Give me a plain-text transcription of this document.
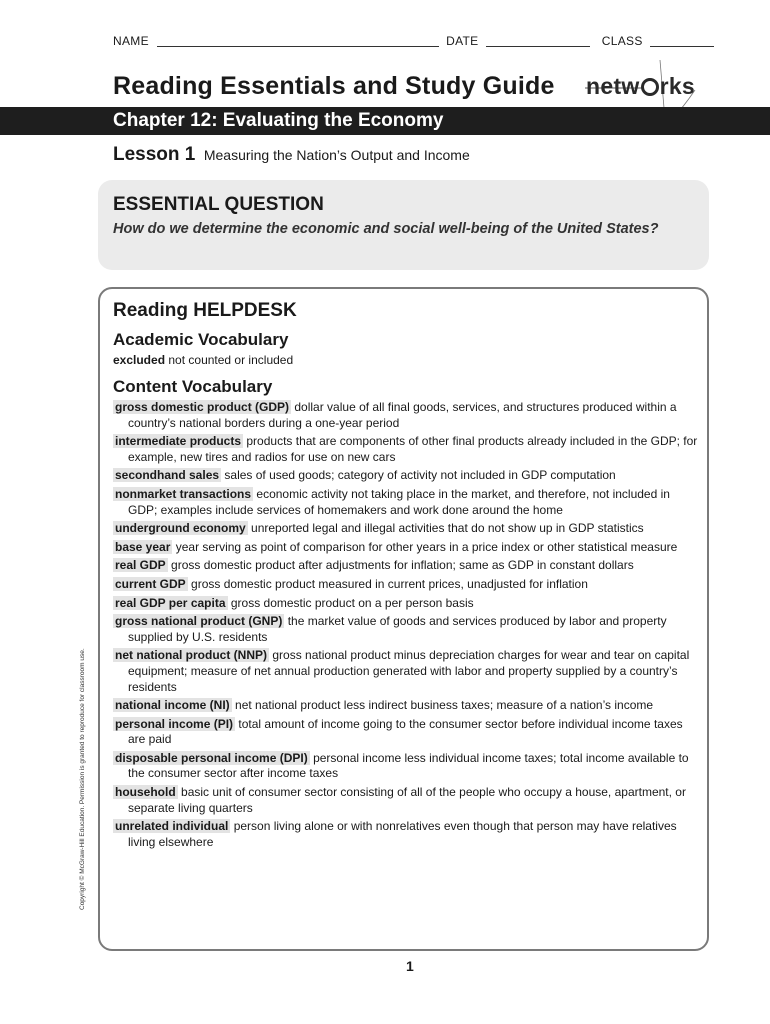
NAME	DATE	CLASS
Reading Essentials and Study Guide netw rks
Chapter 12: Evaluating the Economy
Lesson 1 Measuring the Nation’s Output and Income
ESSENTIAL QUESTION
How do we determine the economic and social well-being of the United States?
Reading HELPDESK
Academic Vocabulary
excluded not counted or included
Content Vocabulary
gross domestic product (GDP) dollar value of all final goods, services, and structures produced within a country’s national borders during a one-year period
intermediate products products that are components of other final products already included in the GDP; for example, new tires and radios for use on new cars
secondhand sales sales of used goods; category of activity not included in GDP computation
nonmarket transactions economic activity not taking place in the market, and therefore, not included in GDP; examples include services of homemakers and work done around the home
underground economy unreported legal and illegal activities that do not show up in GDP statistics
base year year serving as point of comparison for other years in a price index or other statistical measure
real GDP gross domestic product after adjustments for inflation; same as GDP in constant dollars
current GDP gross domestic product measured in current prices, unadjusted for inflation
real GDP per capita gross domestic product on a per person basis
gross national product (GNP) the market value of goods and services produced by labor and property supplied by U.S. residents
net national product (NNP) gross national product minus depreciation charges for wear and tear on capital equipment; measure of net annual production generated with labor and property supplied by a country’s residents
national income (NI) net national product less indirect business taxes; measure of a nation’s income
personal income (PI) total amount of income going to the consumer sector before individual income taxes are paid
disposable personal income (DPI) personal income less individual income taxes; total income available to the consumer sector after income taxes
household basic unit of consumer sector consisting of all of the people who occupy a house, apartment, or separate living quarters
unrelated individual person living alone or with nonrelatives even though that person may have relatives living elsewhere
Copyright © McGraw-Hill Education. Permission is granted to reproduce for classroom use.
1
